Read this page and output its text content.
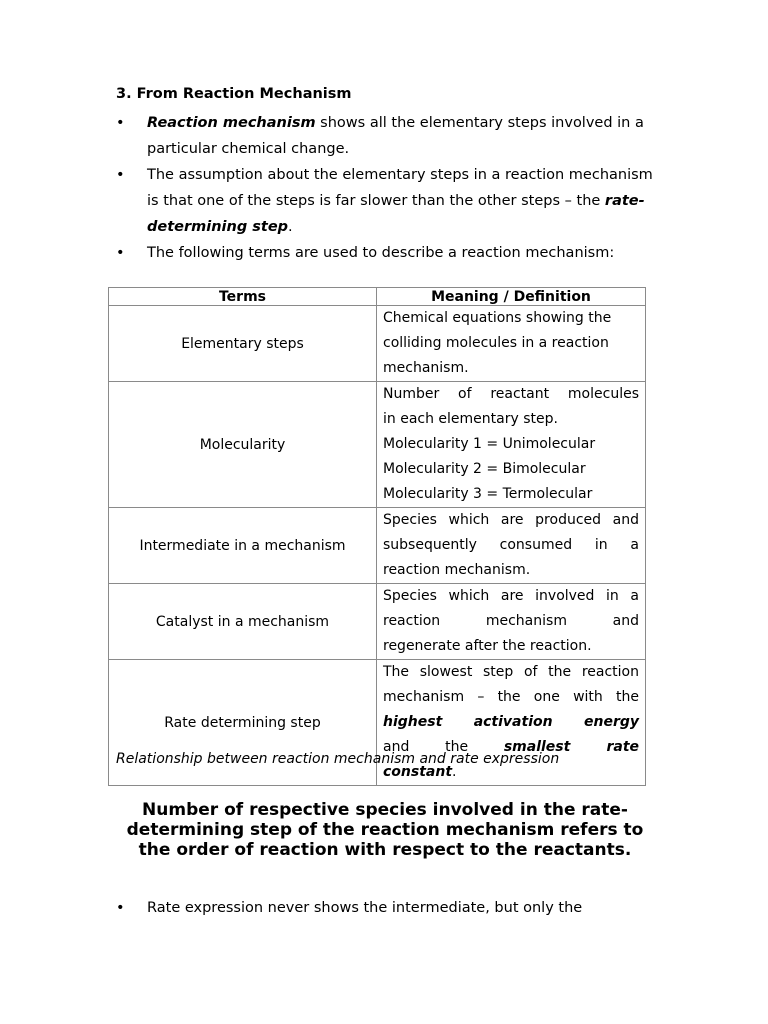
3. From Reaction Mechanism
• Reaction mechanism shows all the elementary steps involved in a particular chemical change.
• The assumption about the elementary steps in a reaction mechanism is that one of the steps is far slower than the other steps – the rate-determining step.
• The following terms are used to describe a reaction mechanism:
Terms	Meaning / Definition
Elementary steps	Chemical equations showing the
colliding molecules in a reaction
mechanism.

Molecularity	Number of reactant molecules
in each elementary step.
Molecularity 1 = Unimolecular
Molecularity 2 = Bimolecular
Molecularity 3 = Termolecular

Intermediate in a mechanism	Species which are produced and
subsequently consumed in a
reaction mechanism.

Catalyst in a mechanism	Species which are involved in a
reaction mechanism and
regenerate after the reaction.

Rate determining step	The slowest step of the reaction
mechanism – the one with the
highest activation energy
and the smallest rate
constant.

Relationship between reaction mechanism and rate expression

Number of respective species involved in the rate-determining step of the reaction mechanism refers to the order of reaction with respect to the reactants.

• Rate expression never shows the intermediate, but only the
